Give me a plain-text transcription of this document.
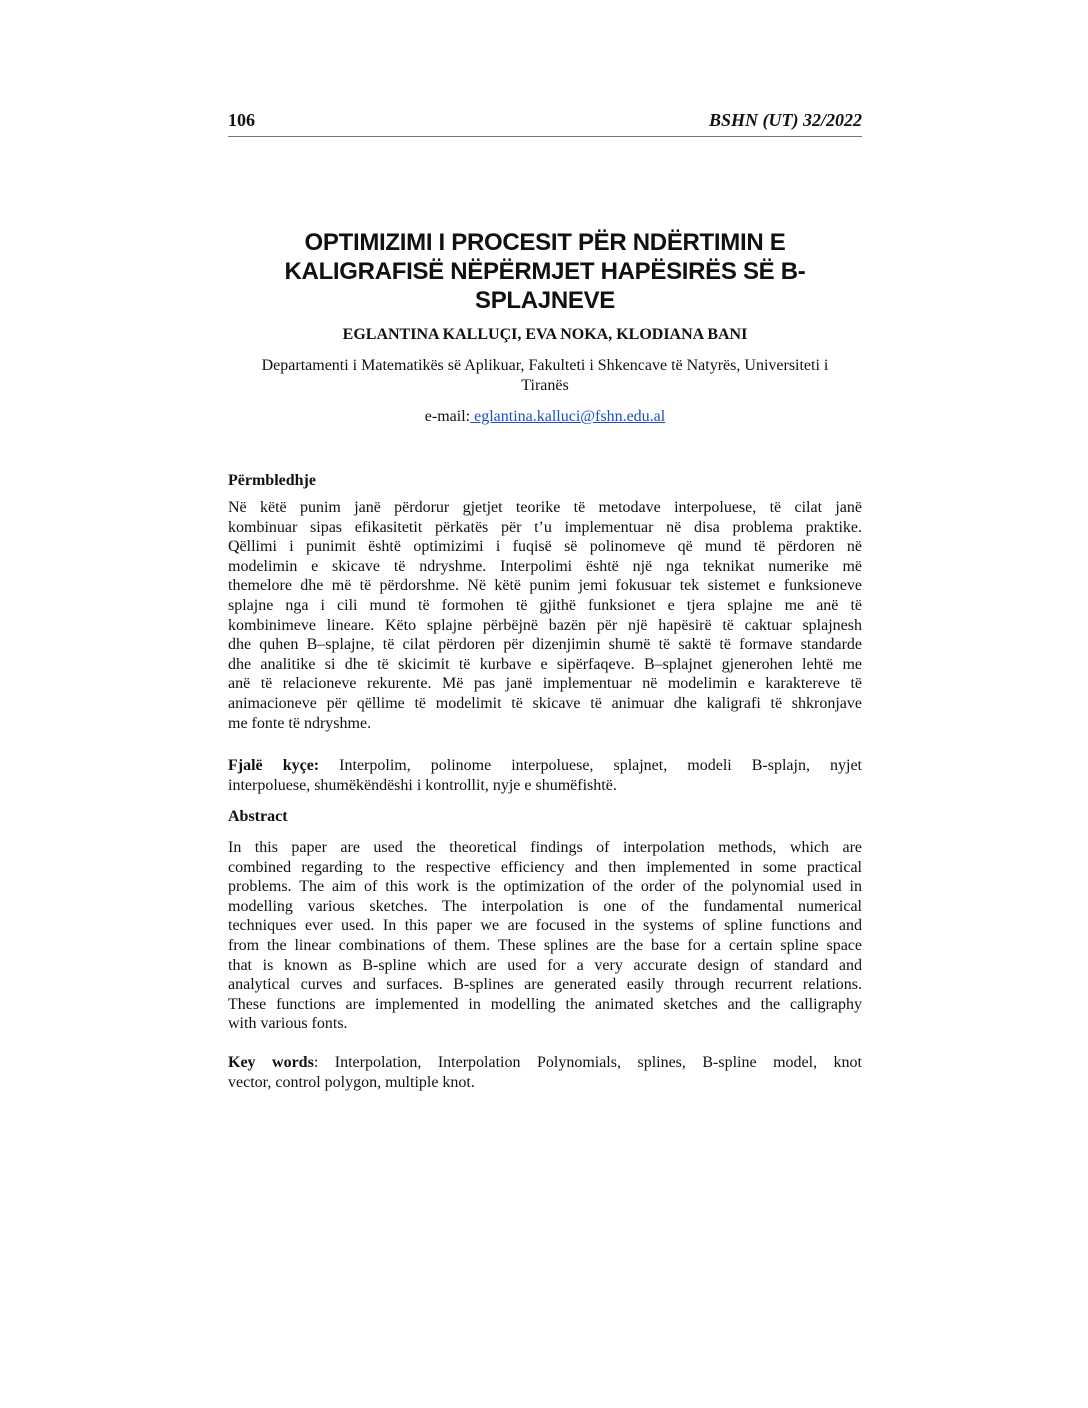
106	BSHN (UT) 32/2022
OPTIMIZIMI I PROCESIT PËR NDËRTIMIN E
KALIGRAFISË NËPËRMJET HAPËSIRËS SË B-
SPLAJNEVE
EGLANTINA KALLUÇI, EVA NOKA, KLODIANA BANI
Departamenti i Matematikës së Aplikuar, Fakulteti i Shkencave të Natyrës, Universiteti i
Tiranës
e-mail: eglantina.kalluci@fshn.edu.al
Përmbledhje
Në këtë punim janë përdorur gjetjet teorike të metodave interpoluese, të cilat janë
kombinuar sipas efikasitetit përkatës për t’u implementuar në disa problema praktike.
Qëllimi i punimit është optimizimi i fuqisë së polinomeve që mund të përdoren në
modelimin e skicave të ndryshme. Interpolimi është një nga teknikat numerike më
themelore dhe më të përdorshme. Në këtë punim jemi fokusuar tek sistemet e funksioneve
splajne nga i cili mund të formohen të gjithë funksionet e tjera splajne me anë të
kombinimeve lineare. Këto splajne përbëjnë bazën për një hapësirë të caktuar splajnesh
dhe quhen B–splajne, të cilat përdoren për dizenjimin shumë të saktë të formave standarde
dhe analitike si dhe të skicimit të kurbave e sipërfaqeve. B–splajnet gjenerohen lehtë me
anë të relacioneve rekurente. Më pas janë implementuar në modelimin e karaktereve të
animacioneve për qëllime të modelimit të skicave të animuar dhe kaligrafi të shkronjave
me fonte të ndryshme.
Fjalë kyçe: Interpolim, polinome interpoluese, splajnet, modeli B-splajn, nyjet
interpoluese, shumëkëndëshi i kontrollit, nyje e shumëfishtë.
Abstract
In this paper are used the theoretical findings of interpolation methods, which are
combined regarding to the respective efficiency and then implemented in some practical
problems. The aim of this work is the optimization of the order of the polynomial used in
modelling various sketches. The interpolation is one of the fundamental numerical
techniques ever used. In this paper we are focused in the systems of spline functions and
from the linear combinations of them. These splines are the base for a certain spline space
that is known as B-spline which are used for a very accurate design of standard and
analytical curves and surfaces. B-splines are generated easily through recurrent relations.
These functions are implemented in modelling the animated sketches and the calligraphy
with various fonts.
Key words: Interpolation, Interpolation Polynomials, splines, B-spline model, knot
vector, control polygon, multiple knot.
